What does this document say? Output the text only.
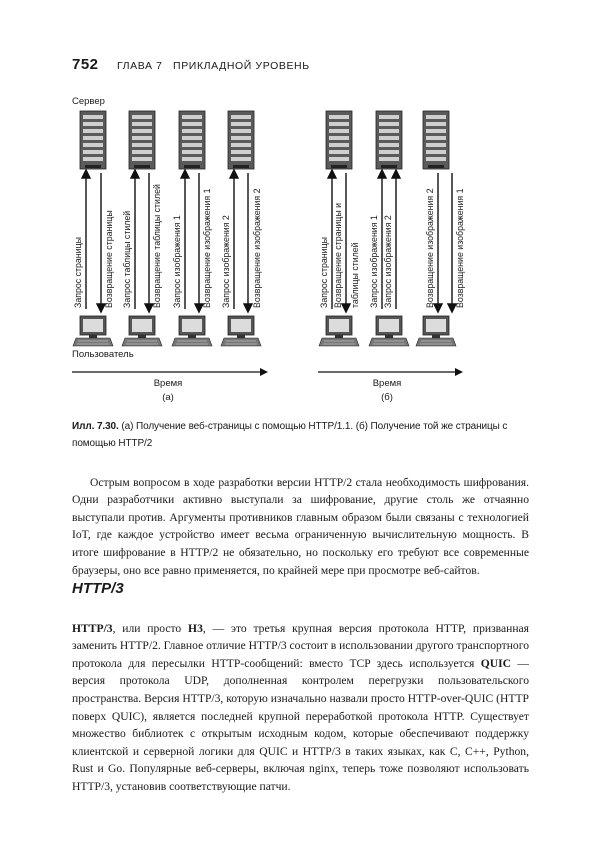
752 ГЛАВА 7 ПРИКЛАДНОЙ УРОВЕНЬ
Сервер
Запрос страницы Возвращение страницы Запрос таблицы стилей Возвращение таблицы стилей Запрос изображения 1 Возвращение изображения 1 Запрос изображения 2 Возвращение изображения 2
Пользователь
Время
(а)
Запрос страницы Возвращение страницы и таблицы стилей Запрос изображения 1 Запрос изображения 2	Возвращение изображения 2 Возвращение изображения 1
Время
(б)
Илл. 7.30. (а) Получение веб-страницы с помощью HTTP/1.1. (б) Получение той же страницы с помощью HTTP/2

Острым вопросом в ходе разработки версии HTTP/2 стала необходимость шифрования. Одни разработчики активно выступали за шифрование, другие столь же отчаянно выступали против. Аргументы противников главным образом были связаны с технологией IoT, где каждое устройство имеет весьма ограниченную вычислительную мощность. В итоге шифрование в HTTP/2 не обязательно, но поскольку его требуют все современные браузеры, оно все равно применяется, по крайней мере при просмотре веб-сайтов.

HTTP/3

HTTP/3, или просто H3, — это третья крупная версия протокола HTTP, призванная заменить HTTP/2. Главное отличие HTTP/3 состоит в использовании другого транспортного протокола для пересылки HTTP-сообщений: вместо TCP здесь используется QUIC — версия протокола UDP, дополненная контролем перегрузки пользовательского пространства. Версия HTTP/3, которую изначально назвали просто HTTP-over-QUIC (HTTP поверх QUIC), является последней крупной переработкой протокола HTTP. Существует множество библиотек с открытым исходным кодом, которые обеспечивают поддержку клиентской и серверной логики для QUIC и HTTP/3 в таких языках, как C, C++, Python, Rust и Go. Популярные веб-серверы, включая nginx, теперь тоже позволяют использовать HTTP/3, установив соответствующие патчи.
